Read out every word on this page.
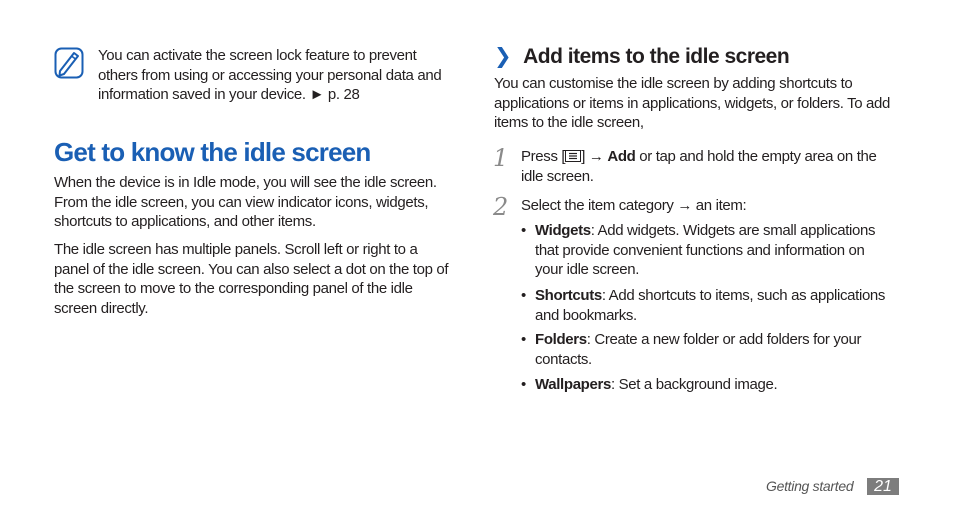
You can activate the screen lock feature to prevent others from using or accessing your personal data and information saved in your device. ► p. 28
Get to know the idle screen
When the device is in Idle mode, you will see the idle screen. From the idle screen, you can view indicator icons, widgets, shortcuts to applications, and other items.
The idle screen has multiple panels. Scroll left or right to a panel of the idle screen. You can also select a dot on the top of the screen to move to the corresponding panel of the idle screen directly.
❯ Add items to the idle screen
You can customise the idle screen by adding shortcuts to applications or items in applications, widgets, or folders. To add items to the idle screen,
1 Press [ ] → Add or tap and hold the empty area on the idle screen.
2 Select the item category → an item:
• Widgets: Add widgets. Widgets are small applications that provide convenient functions and information on your idle screen.
• Shortcuts: Add shortcuts to items, such as applications and bookmarks.
• Folders: Create a new folder or add folders for your contacts.
• Wallpapers: Set a background image.
Getting started	21
